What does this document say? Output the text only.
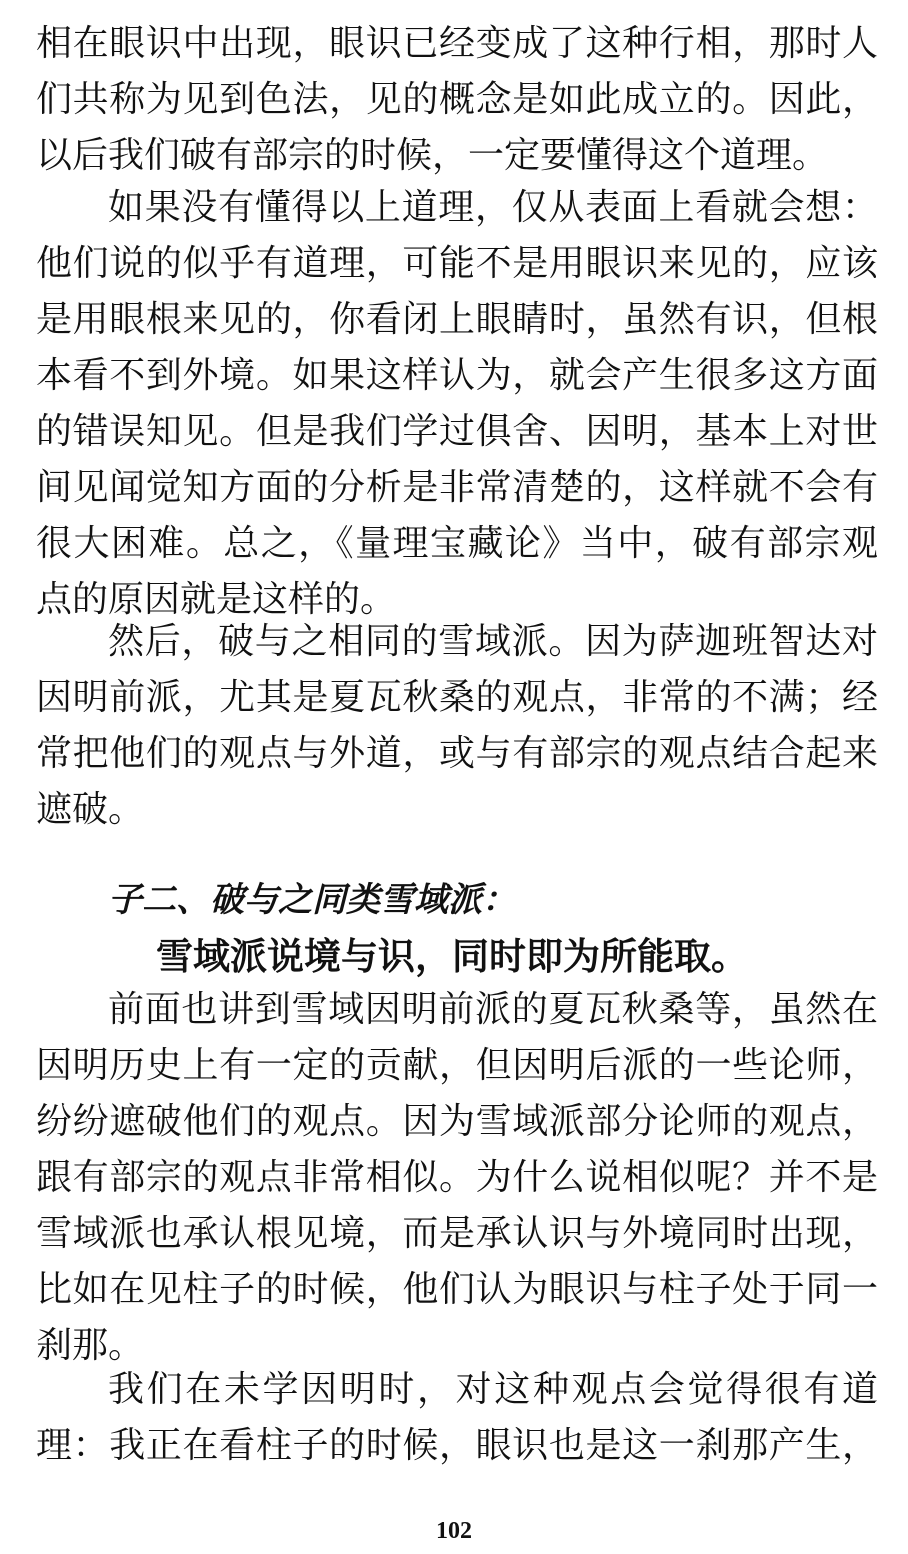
相在眼识中出现，眼识已经变成了这种行相，那时人
们共称为见到色法，见的概念是如此成立的。因此，
以后我们破有部宗的时候，一定要懂得这个道理。
如果没有懂得以上道理，仅从表面上看就会想：
他们说的似乎有道理，可能不是用眼识来见的，应该
是用眼根来见的，你看闭上眼睛时，虽然有识，但根
本看不到外境。如果这样认为，就会产生很多这方面
的错误知见。但是我们学过俱舍、因明，基本上对世
间见闻觉知方面的分析是非常清楚的，这样就不会有
很大困难。总之，《量理宝藏论》当中，破有部宗观
点的原因就是这样的。
然后，破与之相同的雪域派。因为萨迦班智达对
因明前派，尤其是夏瓦秋桑的观点，非常的不满；经
常把他们的观点与外道，或与有部宗的观点结合起来
遮破。
子二、破与之同类雪域派：
雪域派说境与识，同时即为所能取。
前面也讲到雪域因明前派的夏瓦秋桑等，虽然在
因明历史上有一定的贡献，但因明后派的一些论师，
纷纷遮破他们的观点。因为雪域派部分论师的观点，
跟有部宗的观点非常相似。为什么说相似呢？并不是
雪域派也承认根见境，而是承认识与外境同时出现，
比如在见柱子的时候，他们认为眼识与柱子处于同一
刹那。
我们在未学因明时，对这种观点会觉得很有道
理：我正在看柱子的时候，眼识也是这一刹那产生，
102
